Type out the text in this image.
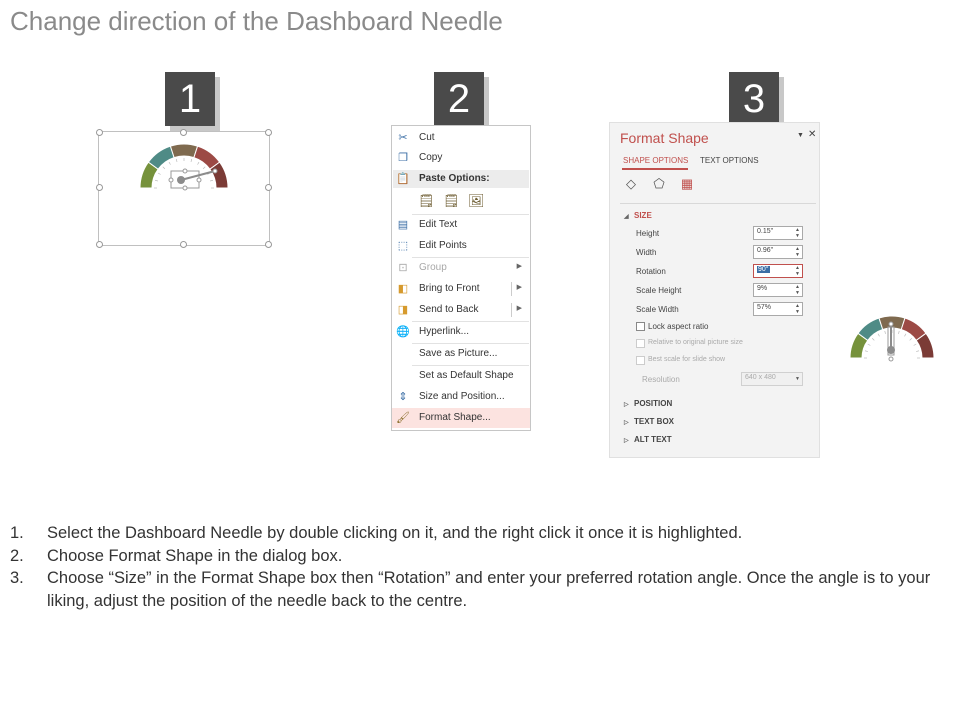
Change direction of the Dashboard Needle
1	2	3
✂ Cut
❐ Copy
📋 Paste Options:
🗒 🗒 🖼
▤ Edit Text
⬚ Edit Points
⊡ Group	▶
◧ Bring to Front	▶
◨ Send to Back	▶
🌐 Hyperlink...
Save as Picture...
Set as Default Shape
⇕ Size and Position...
🖌 Format Shape...
Format Shape	▼ ✕
SHAPE OPTIONS TEXT OPTIONS
◇ ⬠ ▦
◢ SIZE
Height	0.15"	▲
▼
Width	0.96"	▲
▼
Rotation	90°	▲
▼
Scale Height	9%	▲
▼
Scale Width	57%	▲
▼
Lock aspect ratio
Relative to original picture size
Best scale for slide show
Resolution	640 x 480	▼
▷ POSITION
▷ TEXT BOX
▷ ALT TEXT
1. Select the Dashboard Needle by double clicking on it, and the right click it once it is highlighted.
2. Choose Format Shape in the dialog box.
3. Choose “Size” in the Format Shape box then “Rotation” and enter your preferred rotation angle. Once the angle is to your liking, adjust the position of the needle back to the centre.
